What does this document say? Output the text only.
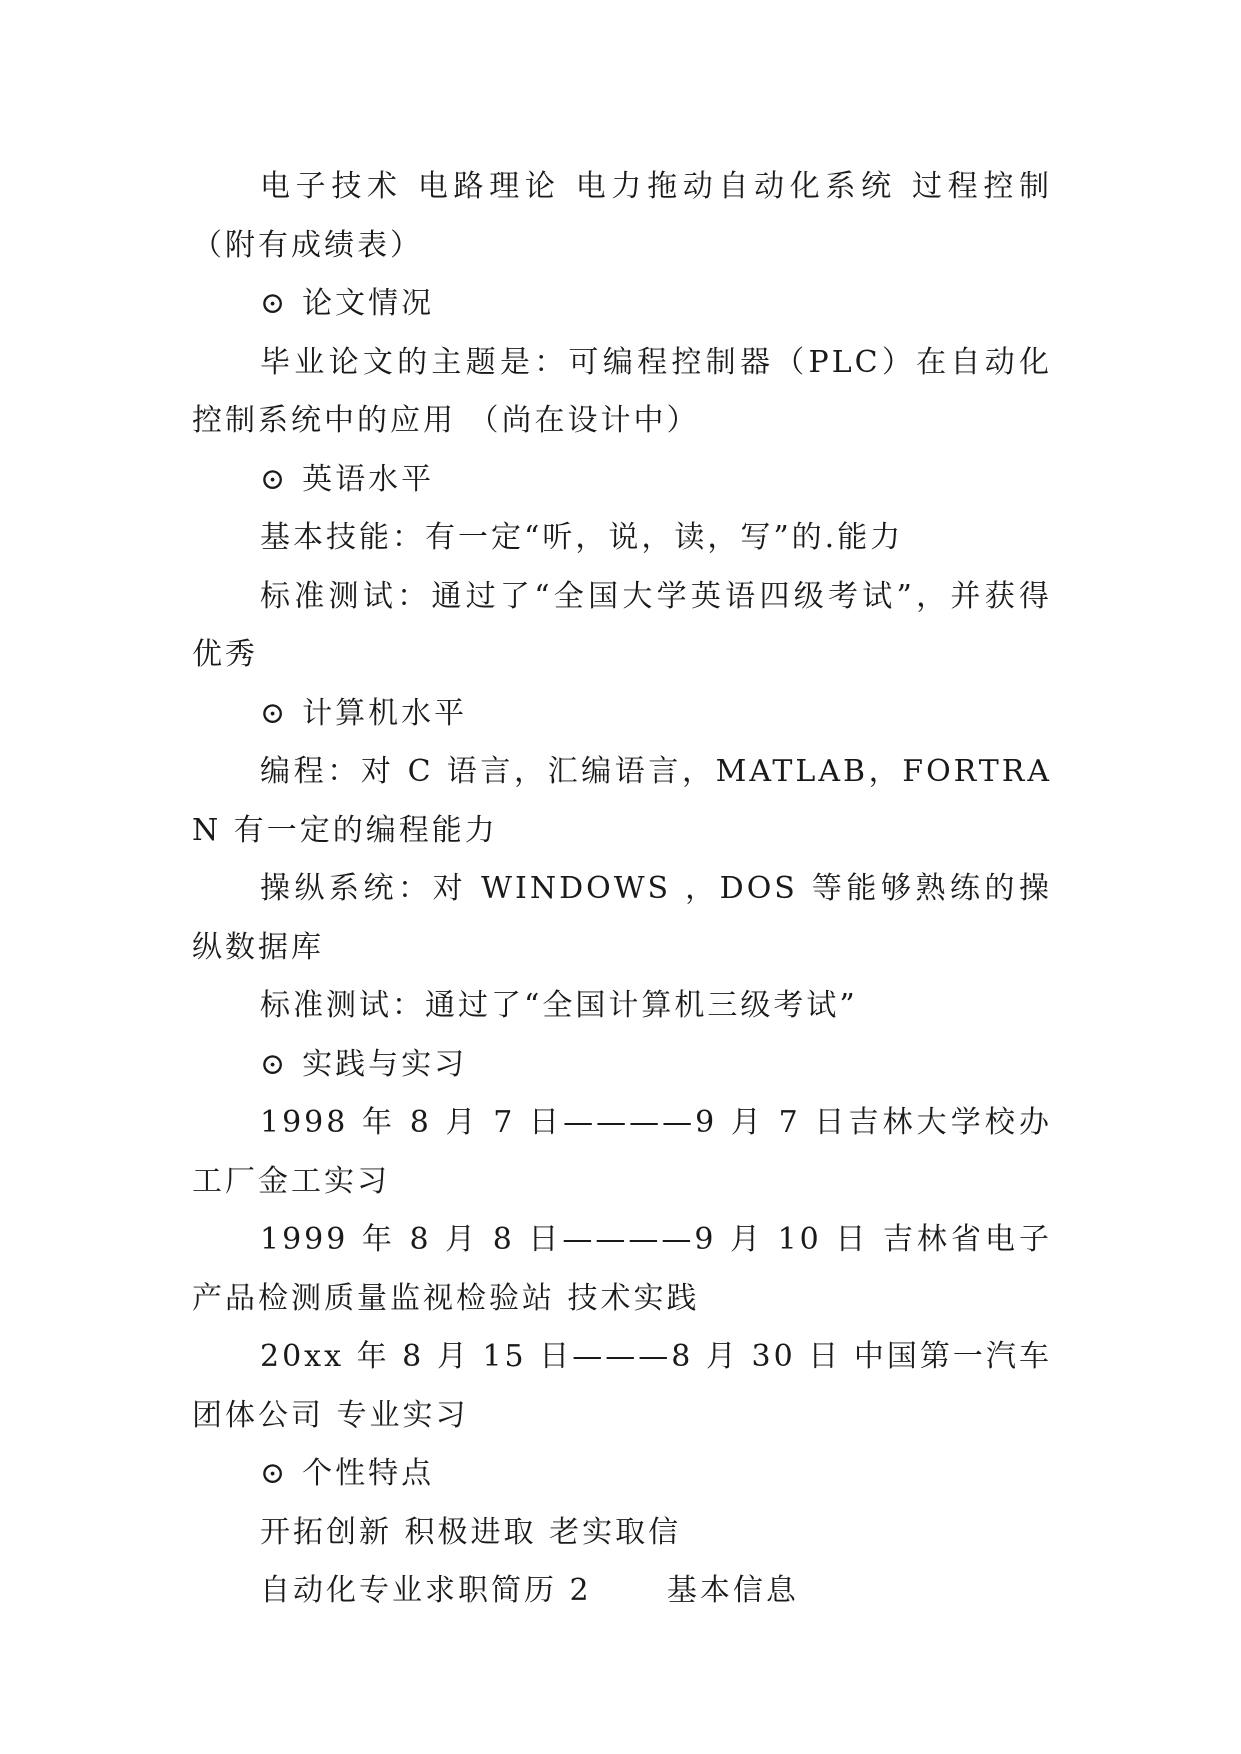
电子技术 电路理论 电力拖动自动化系统 过程控制（附有成绩表）

⊙ 论文情况

毕业论文的主题是：可编程控制器（PLC）在自动化控制系统中的应用 （尚在设计中）

⊙ 英语水平

基本技能：有一定“听，说，读，写”的.能力

标准测试：通过了“全国大学英语四级考试”，并获得优秀

⊙ 计算机水平

编程：对 C 语言，汇编语言，MATLAB，FORTRAN 有一定的编程能力

操纵系统：对 WINDOWS ，DOS 等能够熟练的操纵数据库

标准测试：通过了“全国计算机三级考试”

⊙ 实践与实习

1998 年 8 月 7 日————9 月 7 日吉林大学校办工厂金工实习

1999 年 8 月 8 日————9 月 10 日 吉林省电子产品检测质量监视检验站 技术实践

20xx 年 8 月 15 日———8 月 30 日 中国第一汽车团体公司 专业实习

⊙ 个性特点

开拓创新 积极进取 老实取信

自动化专业求职简历 2      基本信息
